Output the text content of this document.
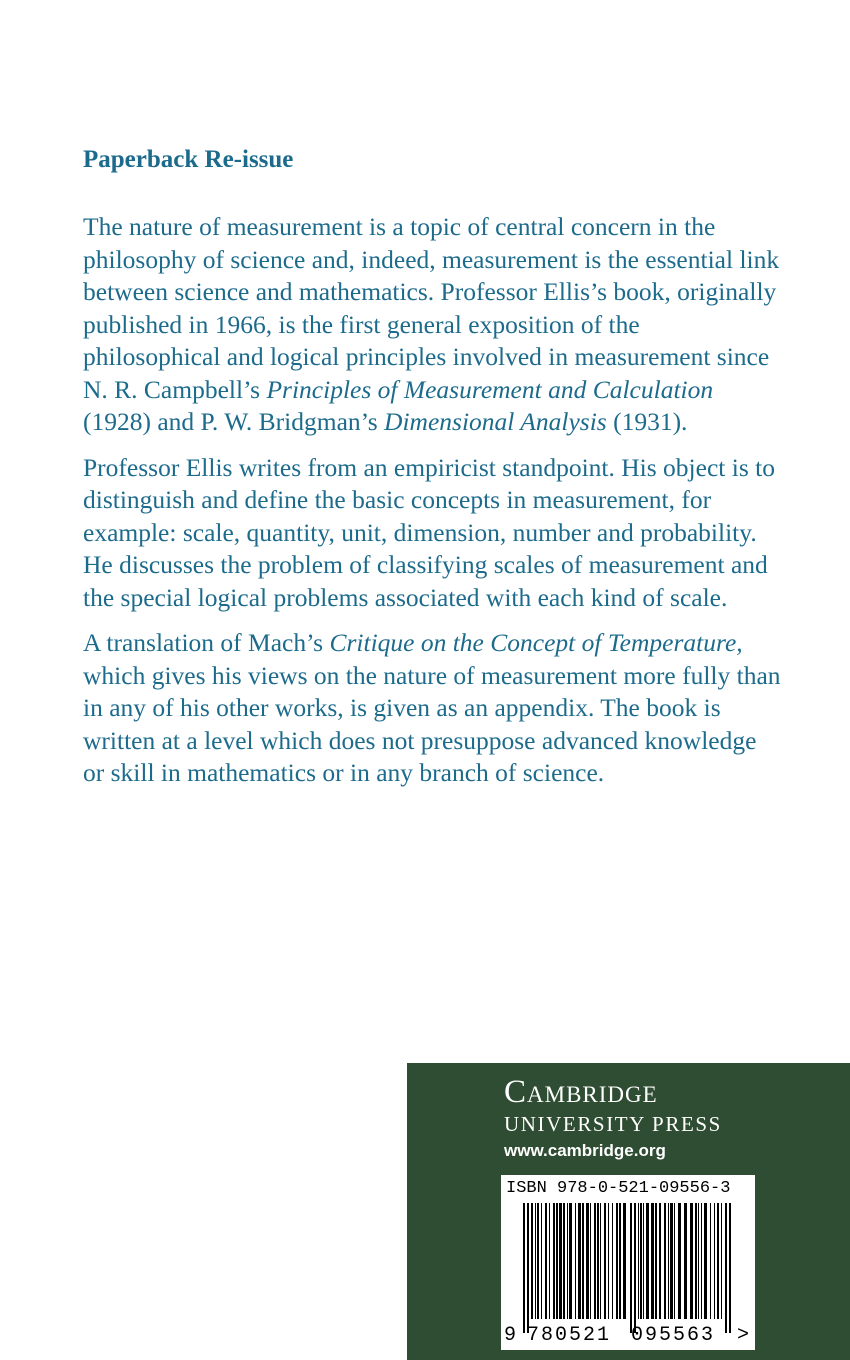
Paperback Re-issue

The nature of measurement is a topic of central concern in the philosophy of science and, indeed, measurement is the essential link between science and mathematics. Professor Ellis’s book, originally published in 1966, is the first general exposition of the philosophical and logical principles involved in measurement since N. R. Campbell’s Principles of Measurement and Calculation (1928) and P. W. Bridgman’s Dimensional Analysis (1931).

Professor Ellis writes from an empiricist standpoint. His object is to distinguish and define the basic concepts in measurement, for example: scale, quantity, unit, dimension, number and probability. He discusses the problem of classifying scales of measurement and the special logical problems associated with each kind of scale.

A translation of Mach’s Critique on the Concept of Temperature, which gives his views on the nature of measurement more fully than in any of his other works, is given as an appendix. The book is written at a level which does not presuppose advanced knowledge or skill in mathematics or in any branch of science.

Cambridge
UNIVERSITY PRESS
www.cambridge.org
ISBN 978-0-521-09556-3
9 780521 095563 >
